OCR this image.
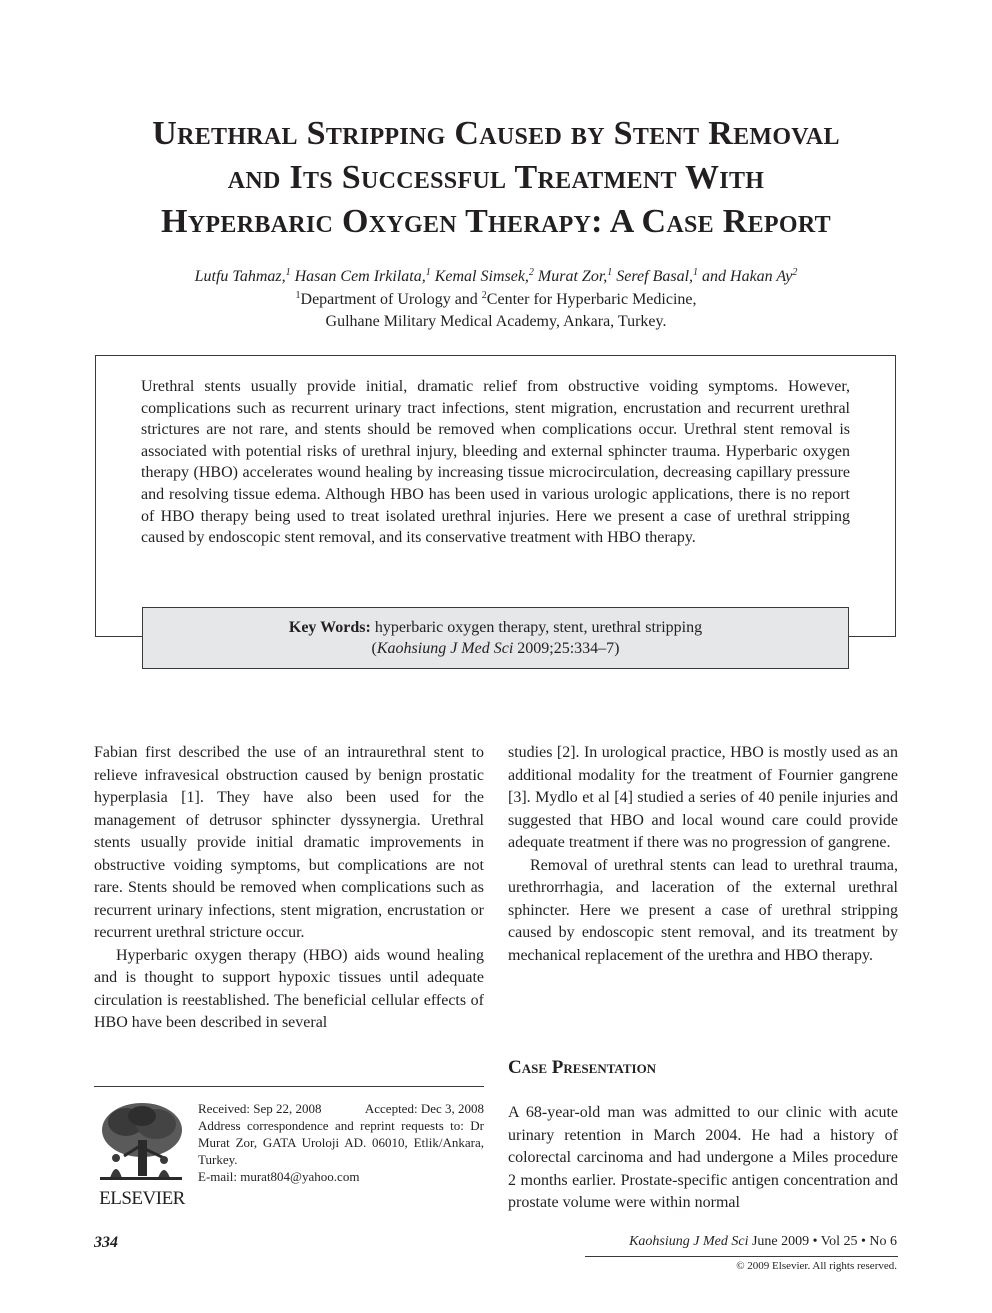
Urethral Stripping Caused by Stent Removal
and Its Successful Treatment With
Hyperbaric Oxygen Therapy: A Case Report
Lutfu Tahmaz,$^1$ Hasan Cem Irkilata,$^1$ Kemal Simsek,$^2$ Murat Zor,$^1$ Seref Basal,$^1$ and Hakan Ay$^2$
$^1$Department of Urology and $^2$Center for Hyperbaric Medicine,
Gulhane Military Medical Academy, Ankara, Turkey.

Urethral stents usually provide initial, dramatic relief from obstructive voiding symptoms. However, complications such as recurrent urinary tract infections, stent migration, encrustation and recurrent urethral strictures are not rare, and stents should be removed when complications occur. Urethral stent removal is associated with potential risks of urethral injury, bleeding and external sphincter trauma. Hyperbaric oxygen therapy (HBO) accelerates wound healing by increasing tissue microcirculation, decreasing capillary pressure and resolving tissue edema. Although HBO has been used in various urologic applications, there is no report of HBO therapy being used to treat isolated urethral injuries. Here we present a case of urethral stripping caused by endoscopic stent removal, and its conservative treatment with HBO therapy.

Key Words: hyperbaric oxygen therapy, stent, urethral stripping
(Kaohsiung J Med Sci 2009;25:334–7)

Fabian first described the use of an intraurethral stent to relieve infravesical obstruction caused by benign prostatic hyperplasia [1]. They have also been used for the management of detrusor sphincter dyssynergia. Urethral stents usually provide initial dramatic improvements in obstructive voiding symptoms, but complications are not rare. Stents should be removed when complications such as recurrent urinary infections, stent migration, encrustation or recurrent urethral stricture occur.

Hyperbaric oxygen therapy (HBO) aids wound healing and is thought to support hypoxic tissues until adequate circulation is reestablished. The beneficial cellular effects of HBO have been described in several

studies [2]. In urological practice, HBO is mostly used as an additional modality for the treatment of Fournier gangrene [3]. Mydlo et al [4] studied a series of 40 penile injuries and suggested that HBO and local wound care could provide adequate treatment if there was no progression of gangrene.

Removal of urethral stents can lead to urethral trauma, urethrorrhagia, and laceration of the external urethral sphincter. Here we present a case of urethral stripping caused by endoscopic stent removal, and its treatment by mechanical replacement of the urethra and HBO therapy.

Case Presentation

A 68-year-old man was admitted to our clinic with acute urinary retention in March 2004. He had a history of colorectal carcinoma and had undergone a Miles procedure 2 months earlier. Prostate-specific antigen concentration and prostate volume were within normal

ELSEVIER
Received: Sep 22, 2008	Accepted: Dec 3, 2008
Address correspondence and reprint requests to: Dr Murat Zor, GATA Uroloji AD. 06010, Etlik/Ankara, Turkey.
E-mail: murat804@yahoo.com
334	Kaohsiung J Med Sci June 2009 • Vol 25 • No 6
© 2009 Elsevier. All rights reserved.
